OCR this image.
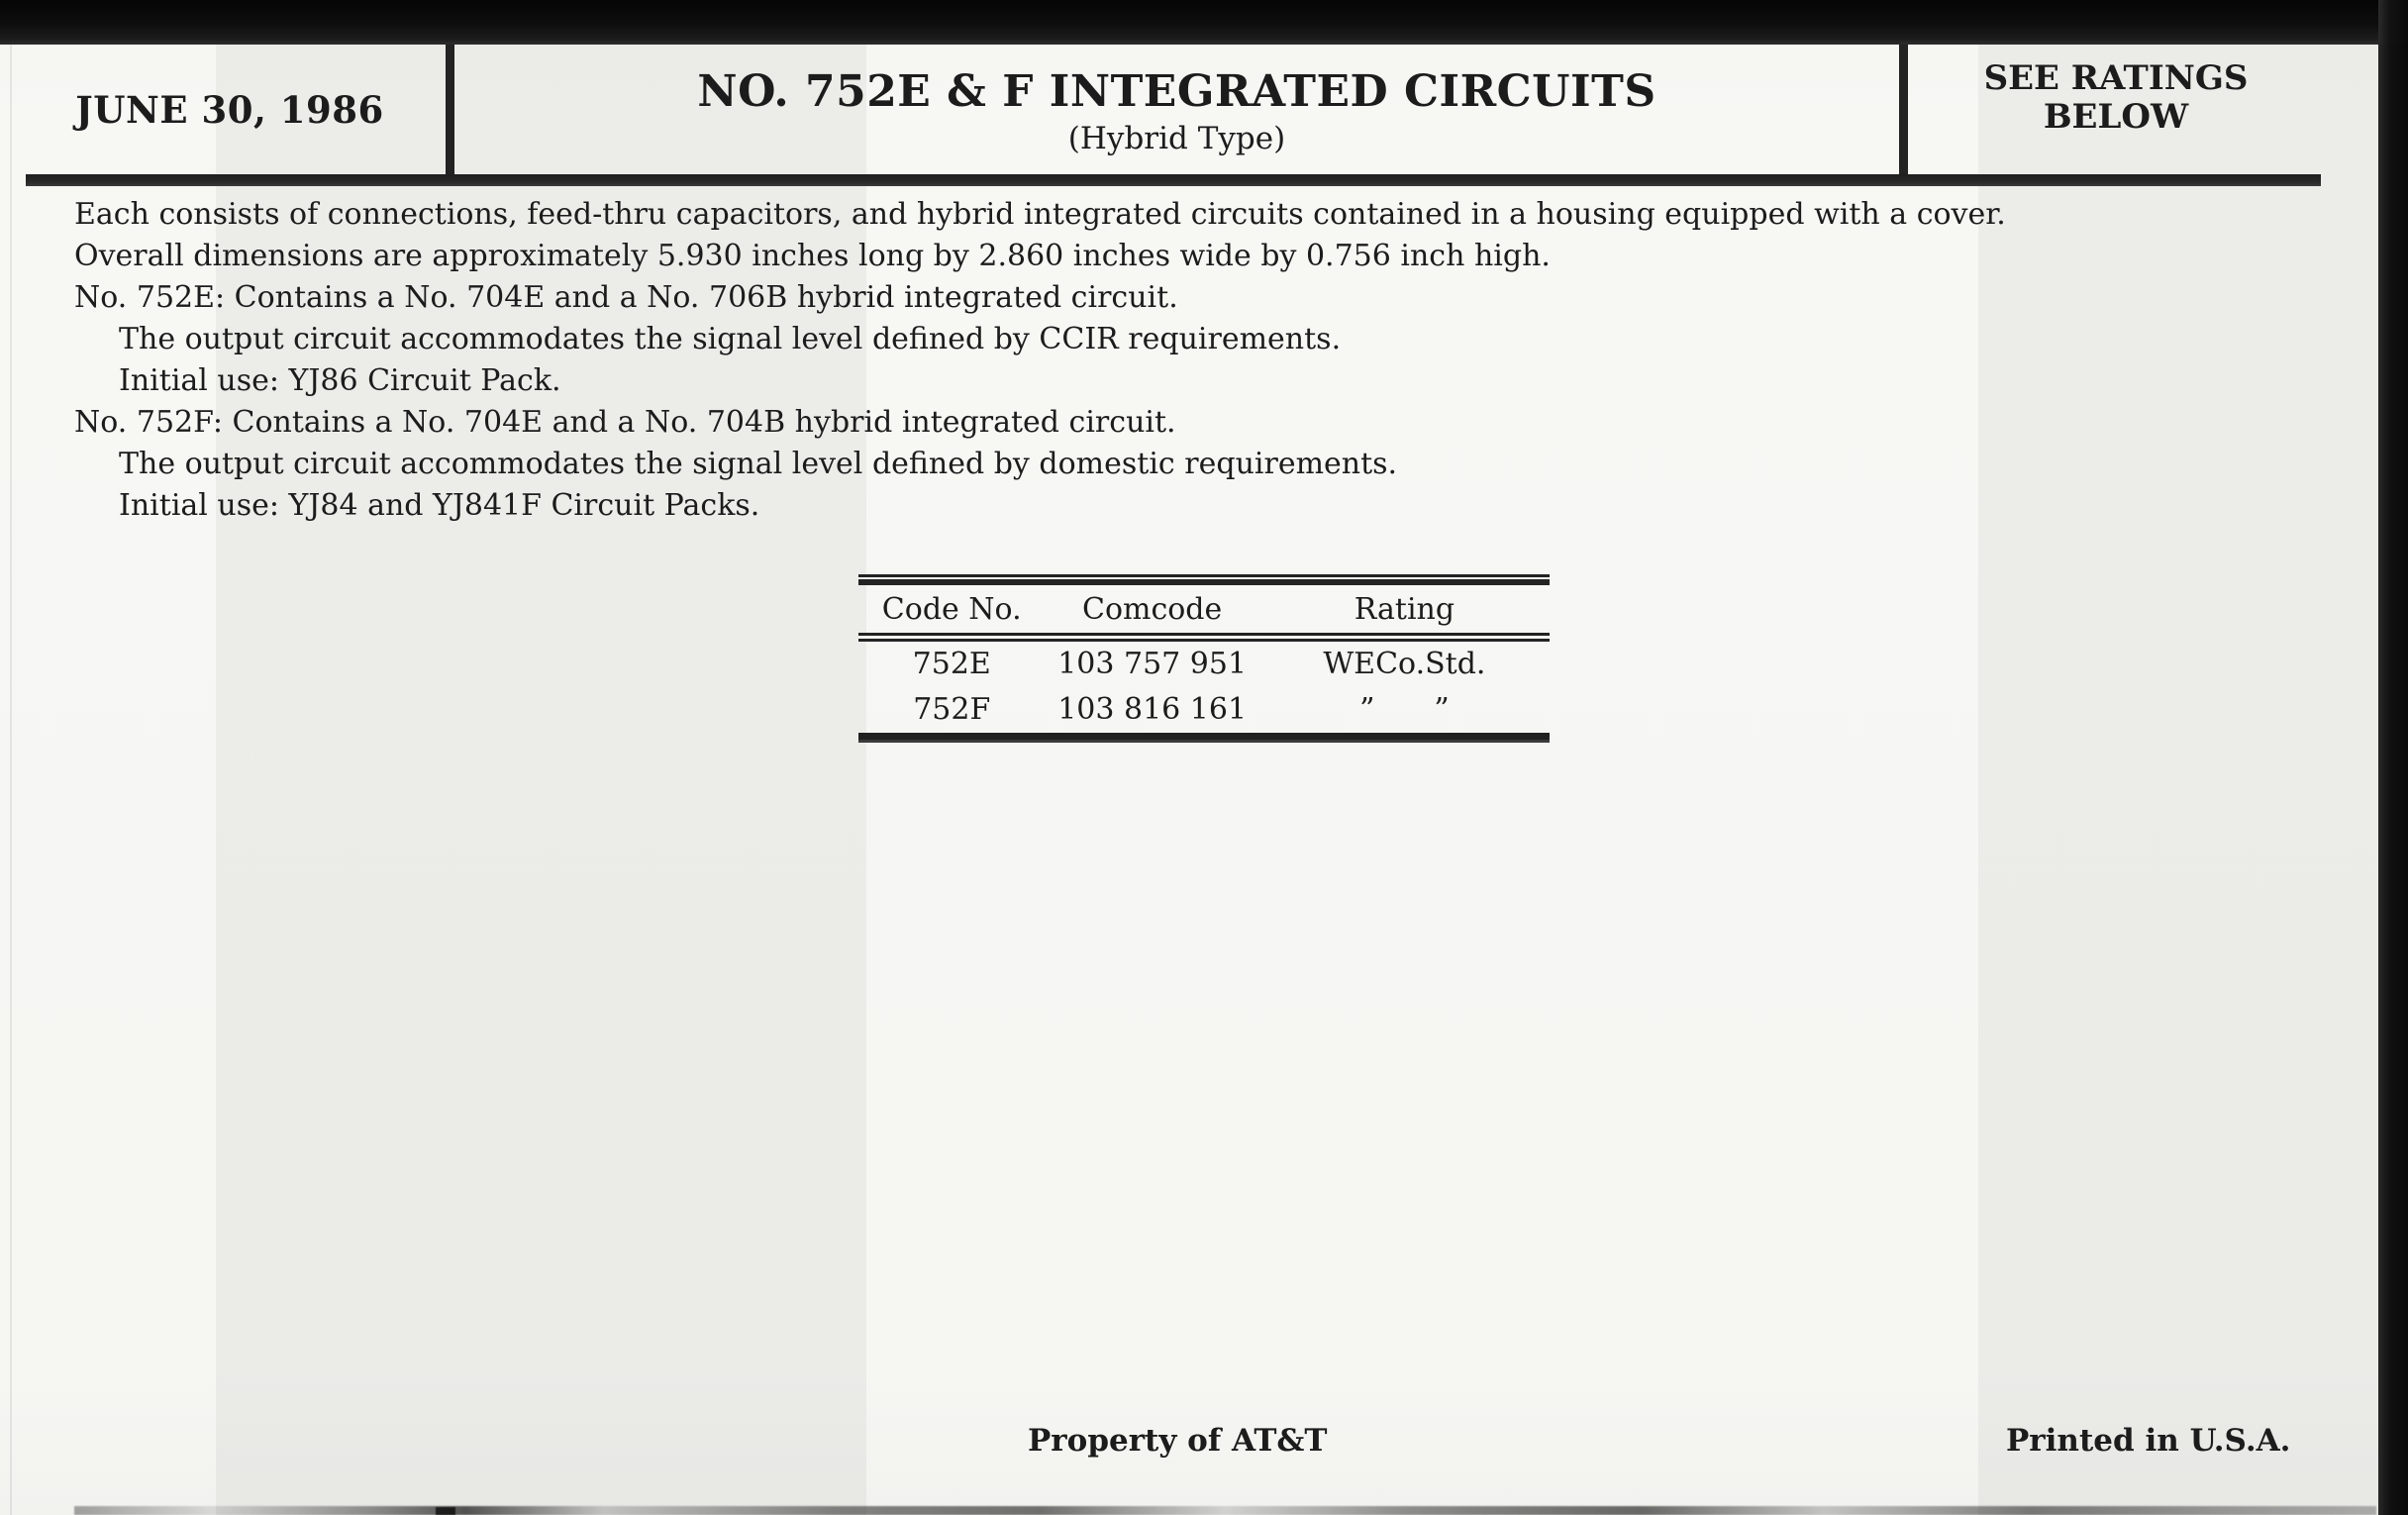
JUNE 30, 1986	NO. 752E & F INTEGRATED CIRCUITS
(Hybrid Type)
SEE RATINGS BELOW
Each consists of connections, feed-thru capacitors, and hybrid integrated circuits contained in a housing equipped with a cover.
Overall dimensions are approximately 5.930 inches long by 2.860 inches wide by 0.756 inch high.
No. 752E: Contains a No. 704E and a No. 706B hybrid integrated circuit.
The output circuit accommodates the signal level defined by CCIR requirements.
Initial use: YJ86 Circuit Pack.
No. 752F: Contains a No. 704E and a No. 704B hybrid integrated circuit.
The output circuit accommodates the signal level defined by domestic requirements.
Initial use: YJ84 and YJ841F Circuit Packs.
Code No.	Comcode	Rating
752E	103 757 951	WECo.Std.
752F	103 816 161	”  ”
Property of AT&T	Printed in U.S.A.
